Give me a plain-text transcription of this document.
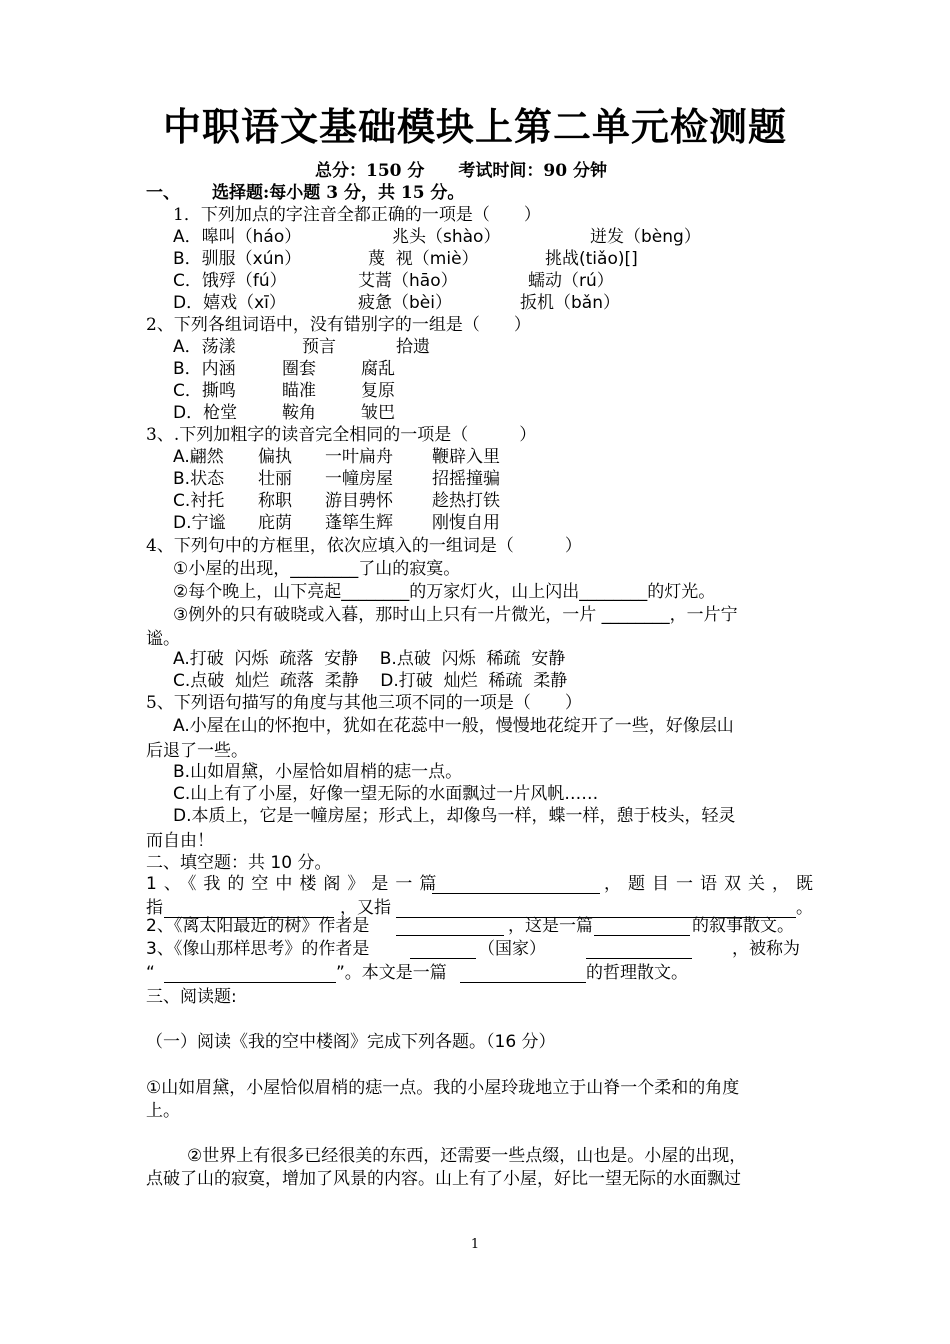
中职语文基础模块上第二单元检测题
总分：150 分　　考试时间：90 分钟
一、 选择题:每小题 3 分，共 15 分。
1．下列加点的字注音全都正确的一项是（　　）
A．嗥叫（háo）	兆头（shào）	迸发（bèng）
B．驯服（xún）	蔑  视（miè）	挑战(tiǎo)[]
C．饿殍（fú）	艾蒿（hāo）	蠕动（rú）
D．嬉戏（xī）	疲惫（bèi）	扳机（bǎn）
2、下列各组词语中，没有错别字的一组是（　　）
A．荡漾	预言	拾遗
B．内涵	圈套	腐乱
C．撕鸣	瞄准	复原
D．枪堂	鞍角	皱巴
3、.下列加粗字的读音完全相同的一项是（　　　）
A.翩然 偏执 一叶扁舟 鞭辟入里
B.状态 壮丽 一幢房屋 招摇撞骗
C.衬托 称职 游目骋怀 趁热打铁
D.宁谧 庇荫 蓬筚生辉 刚愎自用
4、下列句中的方框里，依次应填入的一组词是（　　　）
①小屋的出现，________了山的寂寞。
②每个晚上，山下亮起________的万家灯火，山上闪出________的灯光。
③例外的只有破晓或入暮，那时山上只有一片微光，一片 ________，一片宁
谧。
A.打破  闪烁  疏落  安静    B.点破  闪烁  稀疏  安静
C.点破  灿烂  疏落  柔静    D.打破  灿烂  稀疏  柔静
5、下列语句描写的角度与其他三项不同的一项是（　　）
A.小屋在山的怀抱中，犹如在花蕊中一般，慢慢地花绽开了一些，好像层山
后退了一些。
B.山如眉黛，小屋恰如眉梢的痣一点。
C.山上有了小屋，好像一望无际的水面飘过一片风帆……
D.本质上，它是一幢房屋；形式上，却像鸟一样，蝶一样，憩于枝头，轻灵
而自由！
二、填空题：共 10 分。
1、《我的空中楼阁》是一篇	，题目一语双关，既
指	，又指	。
2、《离太阳最近的树》作者是	，这是一篇	的叙事散文。
3、《像山那样思考》的作者是	（国家）	，被称为
“	”。本文是一篇	的哲理散文。
三、阅读题:
（一）阅读《我的空中楼阁》完成下列各题。（16 分）
①山如眉黛，小屋恰似眉梢的痣一点。我的小屋玲珑地立于山脊一个柔和的角度
上。
②世界上有很多已经很美的东西，还需要一些点缀，山也是。小屋的出现，
点破了山的寂寞，增加了风景的内容。山上有了小屋，好比一望无际的水面飘过
1
